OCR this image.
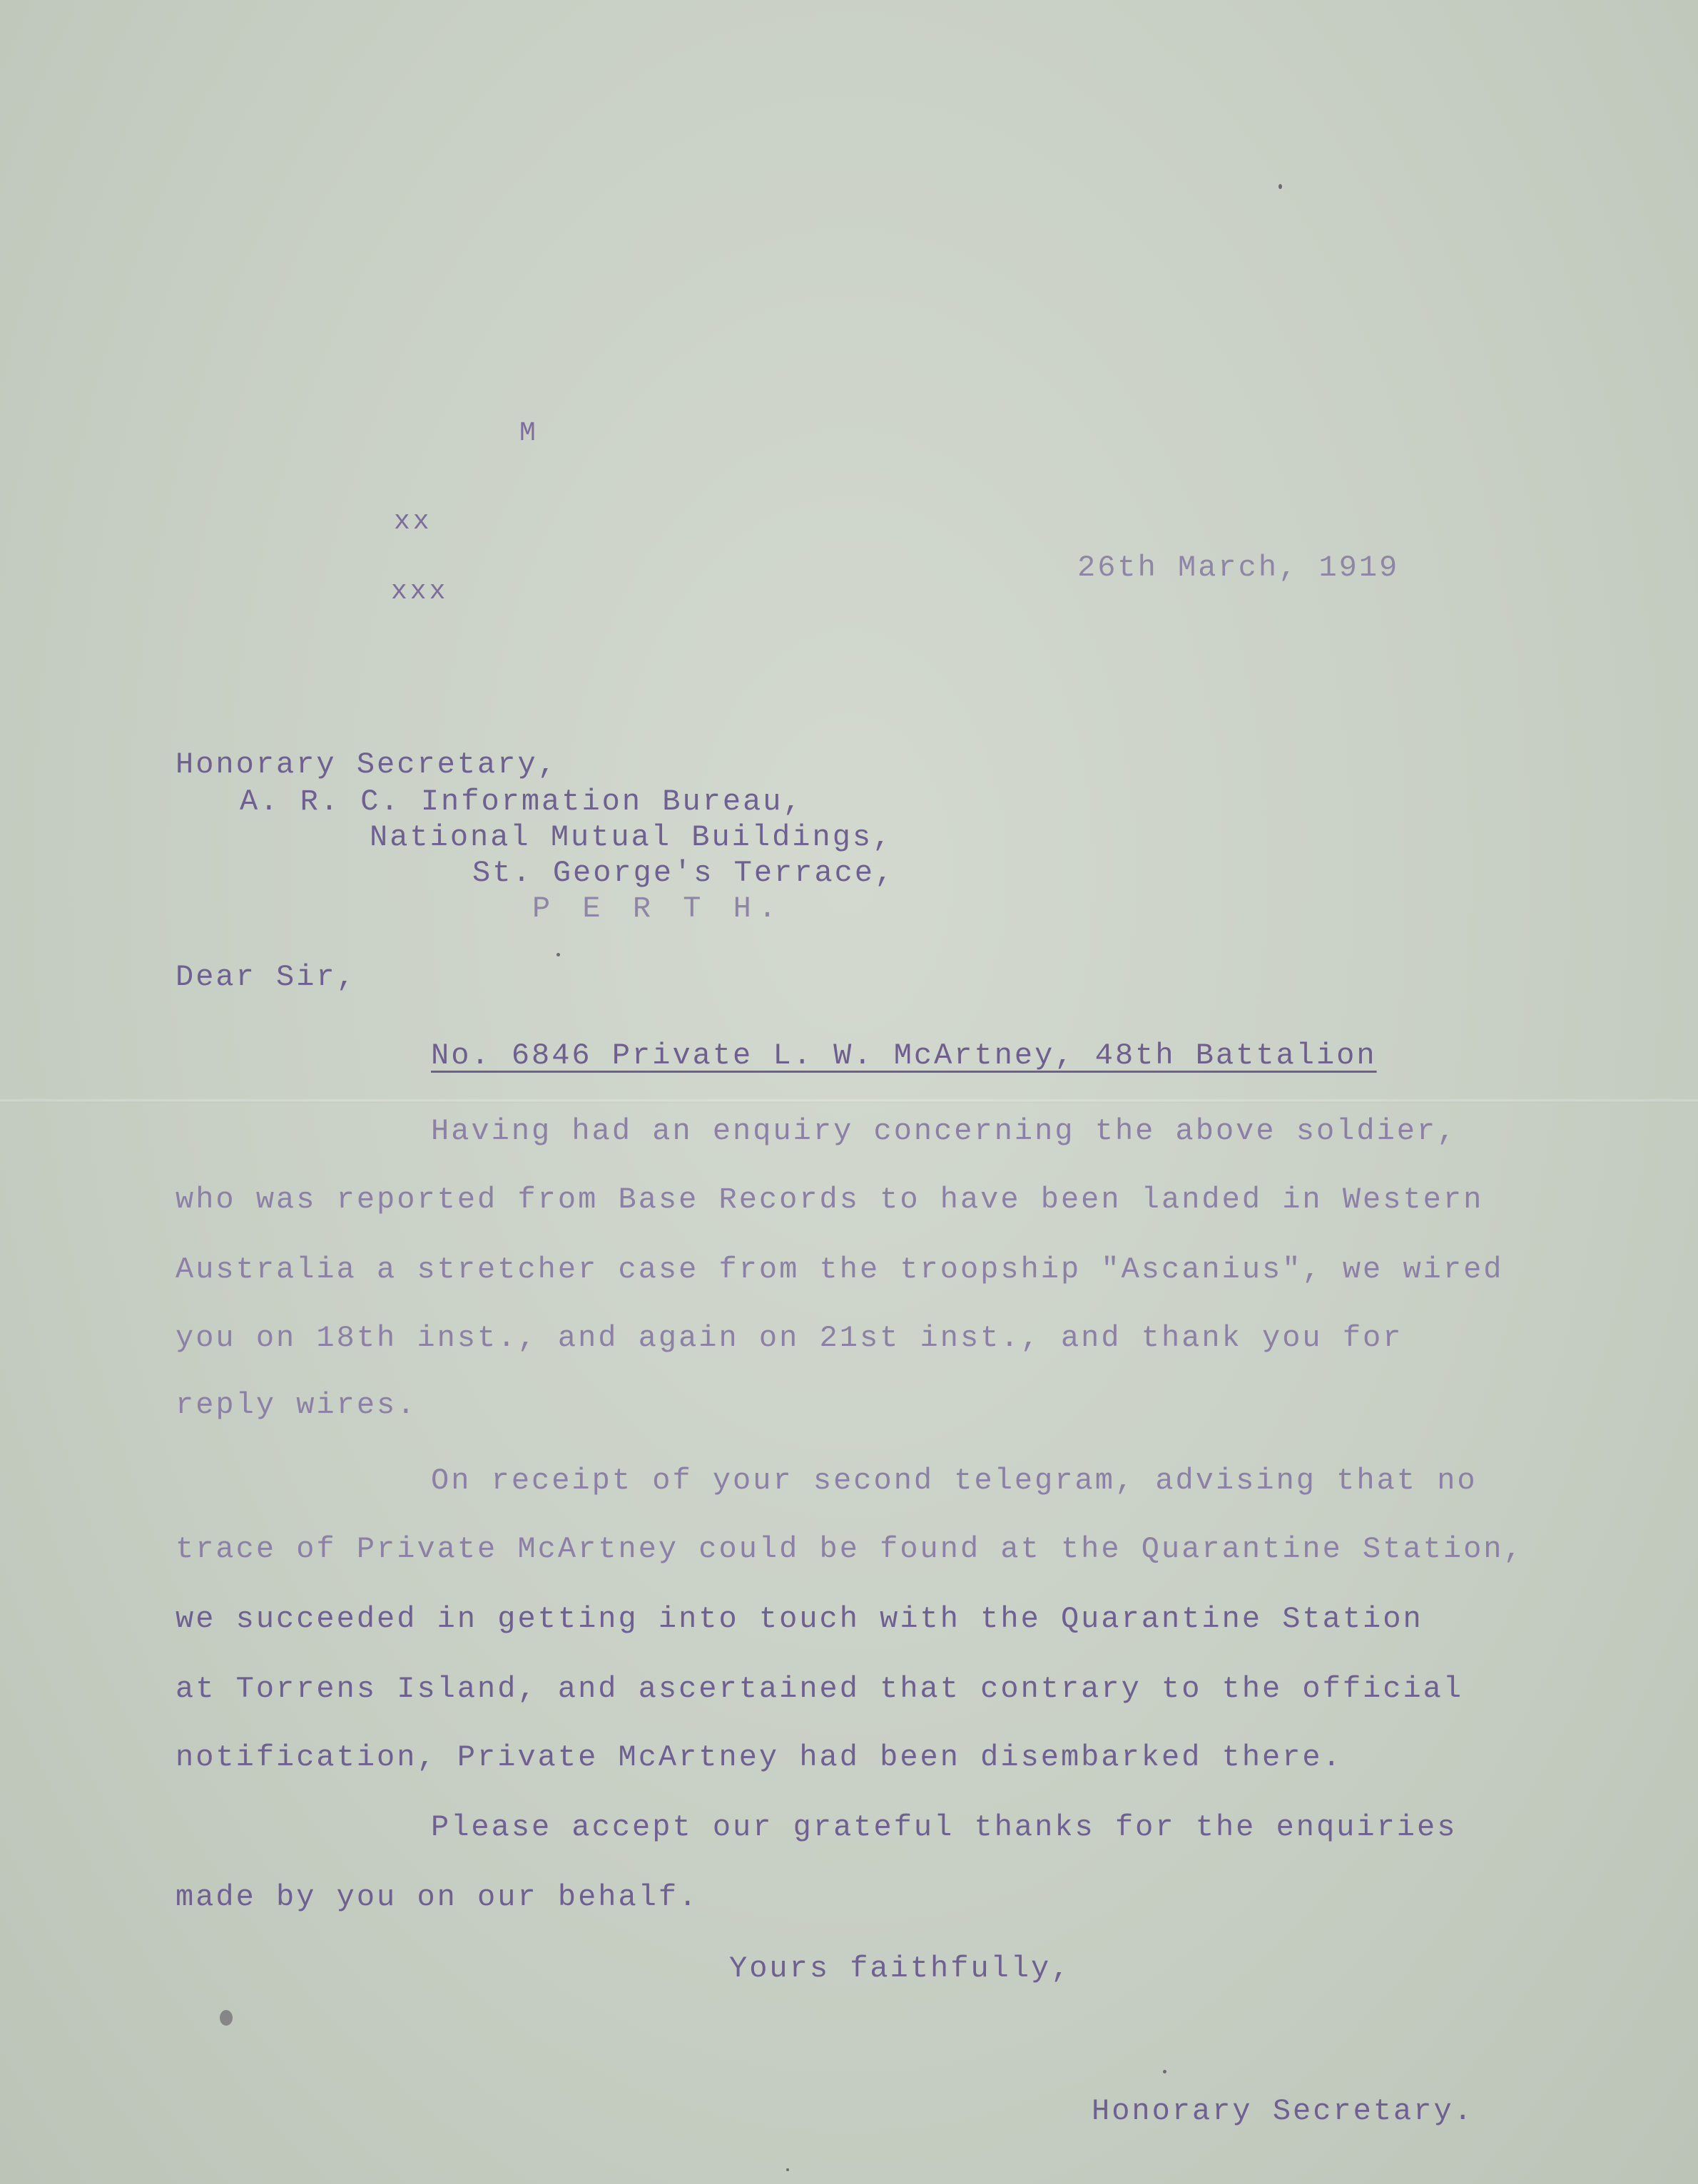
M
xx
xxx
26th March, 1919
Honorary Secretary,
A. R. C. Information Bureau,
National Mutual Buildings,
St. George's Terrace,
P E R T H.
Dear Sir,
No. 6846 Private L. W. McArtney, 48th Battalion
Having had an enquiry concerning the above soldier,
who was reported from Base Records to have been landed in Western
Australia a stretcher case from the troopship "Ascanius", we wired
you on 18th inst., and again on 21st inst., and thank you for
reply wires.
On receipt of your second telegram, advising that no
trace of Private McArtney could be found at the Quarantine Station,
we succeeded in getting into touch with the Quarantine Station
at Torrens Island, and ascertained that contrary to the official
notification, Private McArtney had been disembarked there.
Please accept our grateful thanks for the enquiries
made by you on our behalf.
Yours faithfully,
Honorary Secretary.
